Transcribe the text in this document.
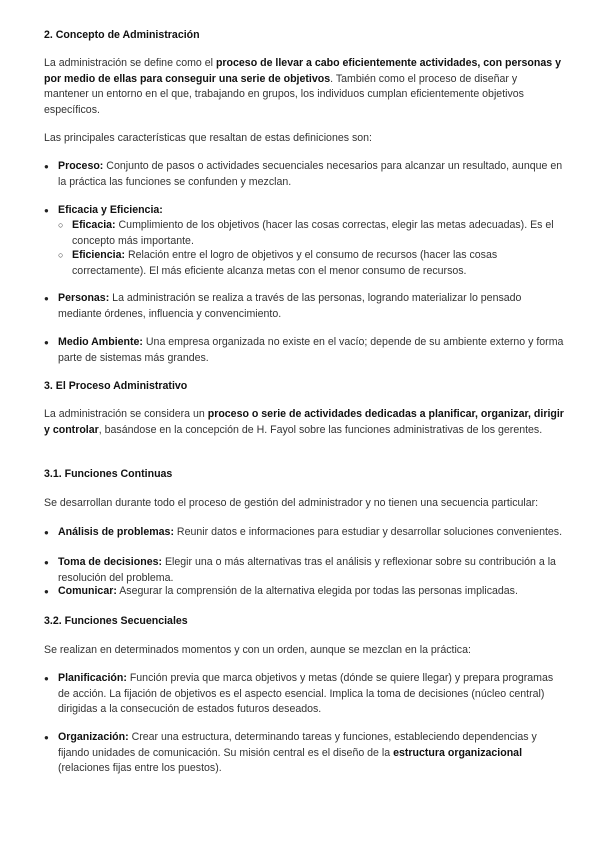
2. Concepto de Administración

La administración se define como el proceso de llevar a cabo eficientemente actividades, con personas y por medio de ellas para conseguir una serie de objetivos. También como el proceso de diseñar y mantener un entorno en el que, trabajando en grupos, los individuos cumplan eficientemente objetivos específicos.

Las principales características que resaltan de estas definiciones son:

● Proceso: Conjunto de pasos o actividades secuenciales necesarios para alcanzar un resultado, aunque en la práctica las funciones se confunden y mezclan.
● Eficacia y Eficiencia:
○ Eficacia: Cumplimiento de los objetivos (hacer las cosas correctas, elegir las metas adecuadas). Es el concepto más importante.
○ Eficiencia: Relación entre el logro de objetivos y el consumo de recursos (hacer las cosas correctamente). El más eficiente alcanza metas con el menor consumo de recursos.
● Personas: La administración se realiza a través de las personas, logrando materializar lo pensado mediante órdenes, influencia y convencimiento.
● Medio Ambiente: Una empresa organizada no existe en el vacío; depende de su ambiente externo y forma parte de sistemas más grandes.

3. El Proceso Administrativo

La administración se considera un proceso o serie de actividades dedicadas a planificar, organizar, dirigir y controlar, basándose en la concepción de H. Fayol sobre las funciones administrativas de los gerentes.

3.1. Funciones Continuas

Se desarrollan durante todo el proceso de gestión del administrador y no tienen una secuencia particular:

● Análisis de problemas: Reunir datos e informaciones para estudiar y desarrollar soluciones convenientes.
● Toma de decisiones: Elegir una o más alternativas tras el análisis y reflexionar sobre su contribución a la resolución del problema.
● Comunicar: Asegurar la comprensión de la alternativa elegida por todas las personas implicadas.

3.2. Funciones Secuenciales

Se realizan en determinados momentos y con un orden, aunque se mezclan en la práctica:

● Planificación: Función previa que marca objetivos y metas (dónde se quiere llegar) y prepara programas de acción. La fijación de objetivos es el aspecto esencial. Implica la toma de decisiones (núcleo central) dirigidas a la consecución de estados futuros deseados.
● Organización: Crear una estructura, determinando tareas y funciones, estableciendo dependencias y fijando unidades de comunicación. Su misión central es el diseño de la estructura organizacional (relaciones fijas entre los puestos).
